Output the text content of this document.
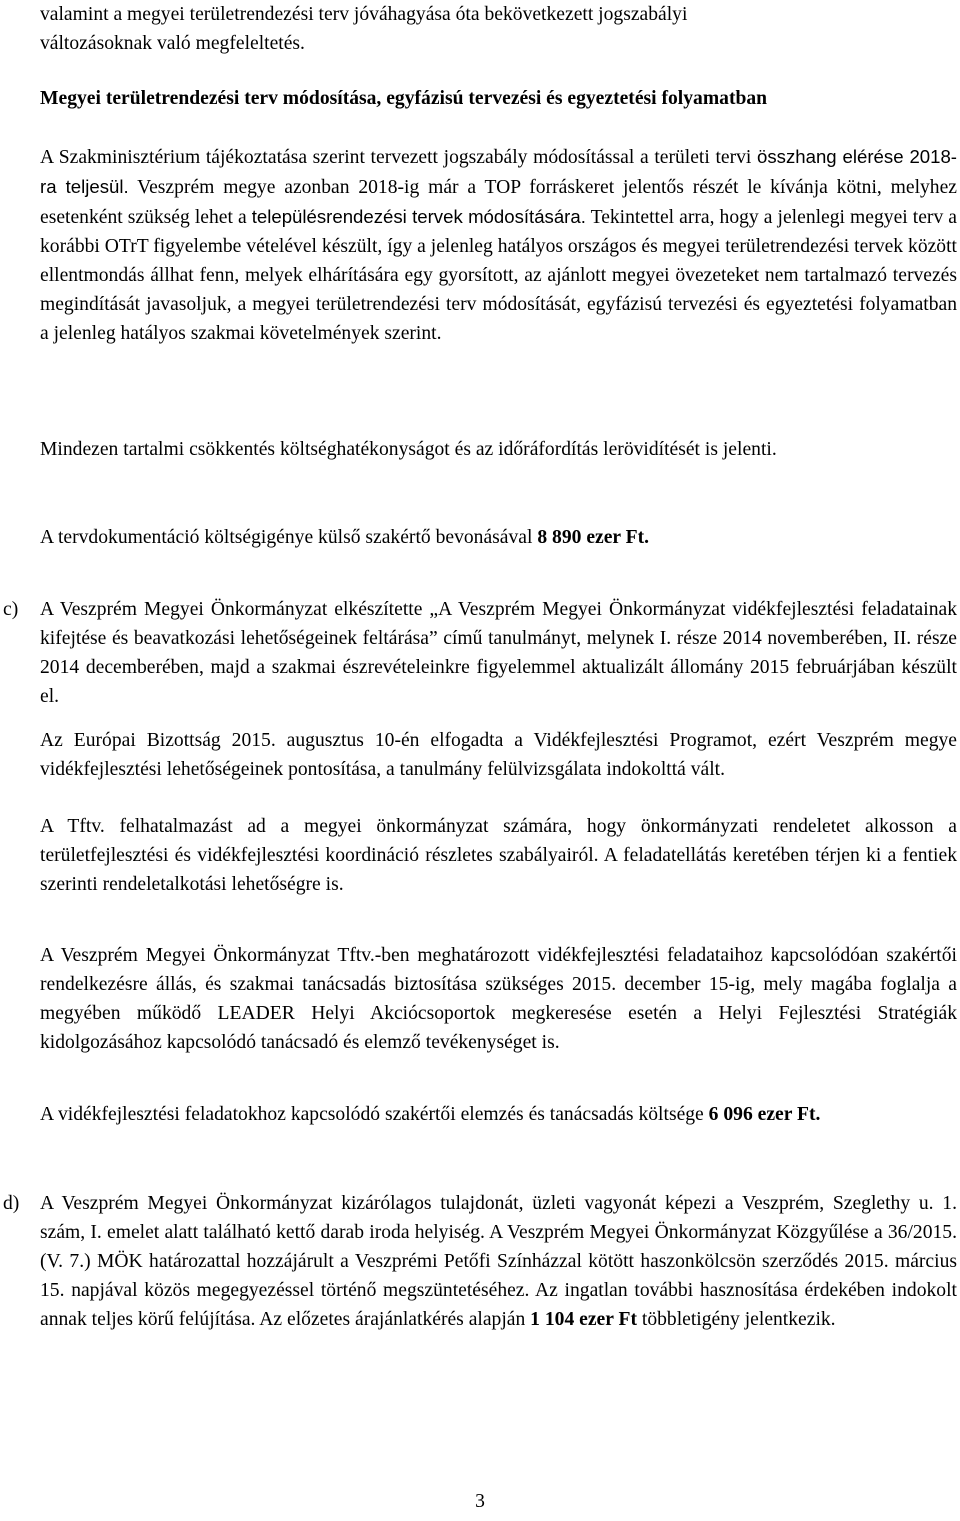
valamint a megyei területrendezési terv jóváhagyása óta bekövetkezett jogszabályi
változásoknak való megfeleltetés.

Megyei területrendezési terv módosítása, egyfázisú tervezési és egyeztetési folyamatban

A Szakminisztérium tájékoztatása szerint tervezett jogszabály módosítással a területi tervi összhang elérése 2018-ra teljesül. Veszprém megye azonban 2018-ig már a TOP forráskeret jelentős részét le kívánja kötni, melyhez esetenként szükség lehet a településrendezési tervek módosítására. Tekintettel arra, hogy a jelenlegi megyei terv a korábbi OTrT figyelembe vételével készült, így a jelenleg hatályos országos és megyei területrendezési tervek között ellentmondás állhat fenn, melyek elhárítására egy gyorsított, az ajánlott megyei övezeteket nem tartalmazó tervezés megindítását javasoljuk, a megyei területrendezési terv módosítását, egyfázisú tervezési és egyeztetési folyamatban a jelenleg hatályos szakmai követelmények szerint.

Mindezen tartalmi csökkentés költséghatékonyságot és az időráfordítás lerövidítését is jelenti.

A tervdokumentáció költségigénye külső szakértő bevonásával 8 890 ezer Ft.

c) A Veszprém Megyei Önkormányzat elkészítette „A Veszprém Megyei Önkormányzat vidékfejlesztési feladatainak kifejtése és beavatkozási lehetőségeinek feltárása” című tanulmányt, melynek I. része 2014 novemberében, II. része 2014 decemberében, majd a szakmai észrevételeinkre figyelemmel aktualizált állomány 2015 februárjában készült el.

Az Európai Bizottság 2015. augusztus 10-én elfogadta a Vidékfejlesztési Programot, ezért Veszprém megye vidékfejlesztési lehetőségeinek pontosítása, a tanulmány felülvizsgálata indokolttá vált.

A Tftv. felhatalmazást ad a megyei önkormányzat számára, hogy önkormányzati rendeletet alkosson a területfejlesztési és vidékfejlesztési koordináció részletes szabályairól. A feladatellátás keretében térjen ki a fentiek szerinti rendeletalkotási lehetőségre is.

A Veszprém Megyei Önkormányzat Tftv.-ben meghatározott vidékfejlesztési feladataihoz kapcsolódóan szakértői rendelkezésre állás, és szakmai tanácsadás biztosítása szükséges 2015. december 15-ig, mely magába foglalja a megyében működő LEADER Helyi Akciócsoportok megkeresése esetén a Helyi Fejlesztési Stratégiák kidolgozásához kapcsolódó tanácsadó és elemző tevékenységet is.

A vidékfejlesztési feladatokhoz kapcsolódó szakértői elemzés és tanácsadás költsége 6 096 ezer Ft.

d) A Veszprém Megyei Önkormányzat kizárólagos tulajdonát, üzleti vagyonát képezi a Veszprém, Szeglethy u. 1. szám, I. emelet alatt található kettő darab iroda helyiség. A Veszprém Megyei Önkormányzat Közgyűlése a 36/2015. (V. 7.) MÖK határozattal hozzájárult a Veszprémi Petőfi Színházzal kötött haszonkölcsön szerződés 2015. március 15. napjával közös megegyezéssel történő megszüntetéséhez. Az ingatlan további hasznosítása érdekében indokolt annak teljes körű felújítása. Az előzetes árajánlatkérés alapján 1 104 ezer Ft többletigény jelentkezik.

3
